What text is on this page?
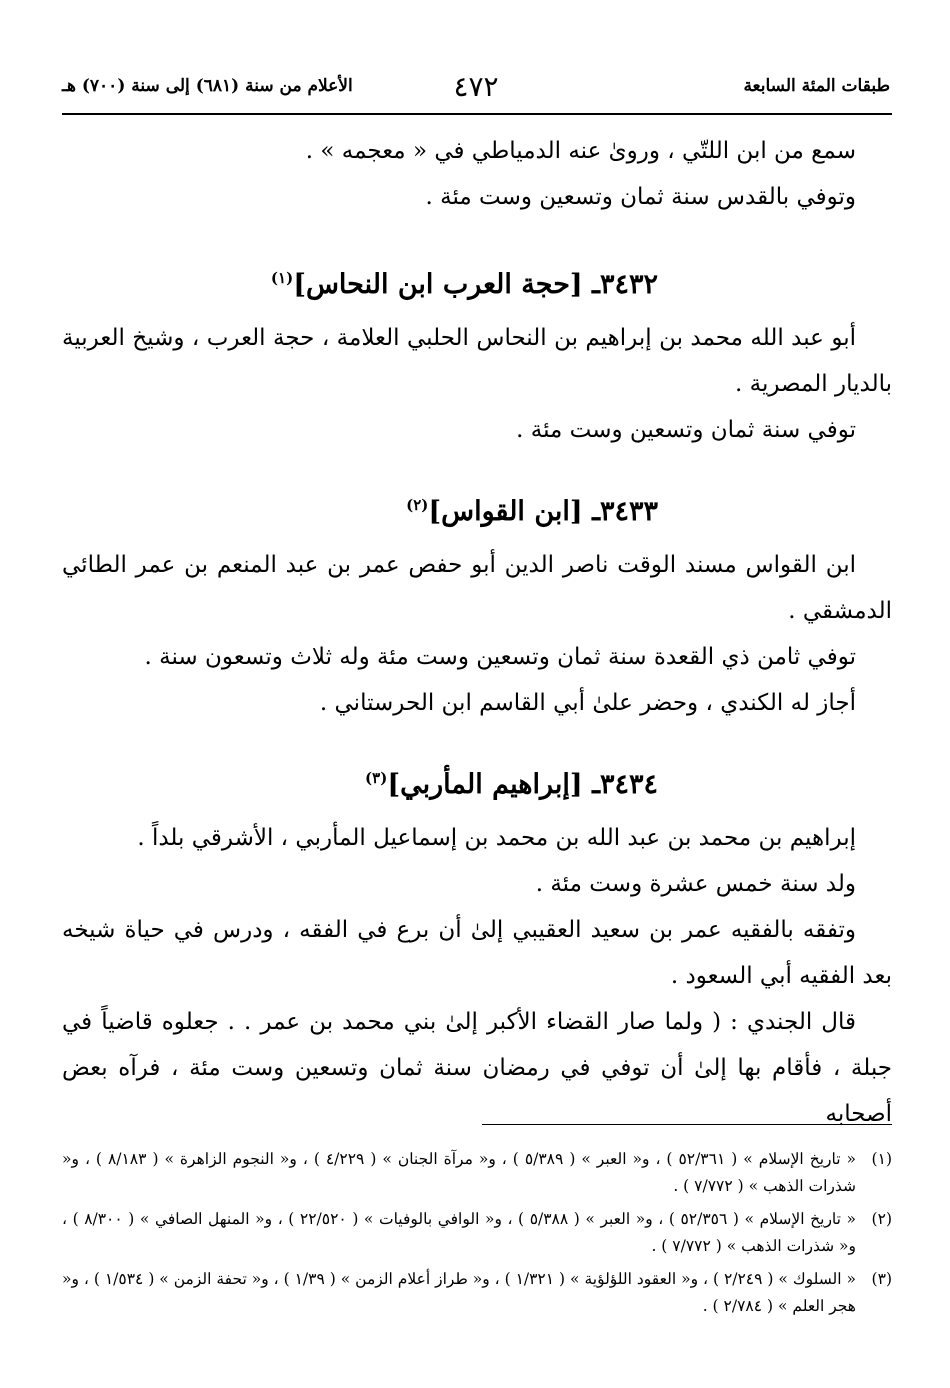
طبقات المئة السابعة
٤٧٢
الأعلام من سنة (٦٨١) إلى سنة (٧٠٠) هـ

سمع من ابن اللتّي ، وروىٰ عنه الدمياطي في « معجمه » .

وتوفي بالقدس سنة ثمان وتسعين وست مئة .

٣٤٣٢ـ [حجة العرب ابن النحاس]$^{(١)}$

أبو عبد الله محمد بن إبراهيم بن النحاس الحلبي العلامة ، حجة العرب ، وشيخ العربية بالديار المصرية .

توفي سنة ثمان وتسعين وست مئة .

٣٤٣٣ـ [ابن القواس]$^{(٢)}$

ابن القواس مسند الوقت ناصر الدين أبو حفص عمر بن عبد المنعم بن عمر الطائي الدمشقي .

توفي ثامن ذي القعدة سنة ثمان وتسعين وست مئة وله ثلاث وتسعون سنة .

أجاز له الكندي ، وحضر علىٰ أبي القاسم ابن الحرستاني .

٣٤٣٤ـ [إبراهيم المأربي]$^{(٣)}$

إبراهيم بن محمد بن عبد الله بن محمد بن إسماعيل المأربي ، الأشرقي بلداً .

ولد سنة خمس عشرة وست مئة .

وتفقه بالفقيه عمر بن سعيد العقيبي إلىٰ أن برع في الفقه ، ودرس في حياة شيخه بعد الفقيه أبي السعود .

قال الجندي : ( ولما صار القضاء الأكبر إلىٰ بني محمد بن عمر . . جعلوه قاضياً في جبلة ، فأقام بها إلىٰ أن توفي في رمضان سنة ثمان وتسعين وست مئة ، فرآه بعض أصحابه

(١)
« تاريخ الإسلام » ( ٥٢/٣٦١ ) ، و« العبر » ( ٥/٣٨٩ ) ، و« مرآة الجنان » ( ٤/٢٢٩ ) ، و« النجوم الزاهرة » ( ٨/١٨٣ ) ، و« شذرات الذهب » ( ٧/٧٧٢ ) .

(٢)
« تاريخ الإسلام » ( ٥٢/٣٥٦ ) ، و« العبر » ( ٥/٣٨٨ ) ، و« الوافي بالوفيات » ( ٢٢/٥٢٠ ) ، و« المنهل الصافي » ( ٨/٣٠٠ ) ، و« شذرات الذهب » ( ٧/٧٧٢ ) .

(٣)
« السلوك » ( ٢/٢٤٩ ) ، و« العقود اللؤلؤية » ( ١/٣٢١ ) ، و« طراز أعلام الزمن » ( ١/٣٩ ) ، و« تحفة الزمن » ( ١/٥٣٤ ) ، و« هجر العلم » ( ٢/٧٨٤ ) .
